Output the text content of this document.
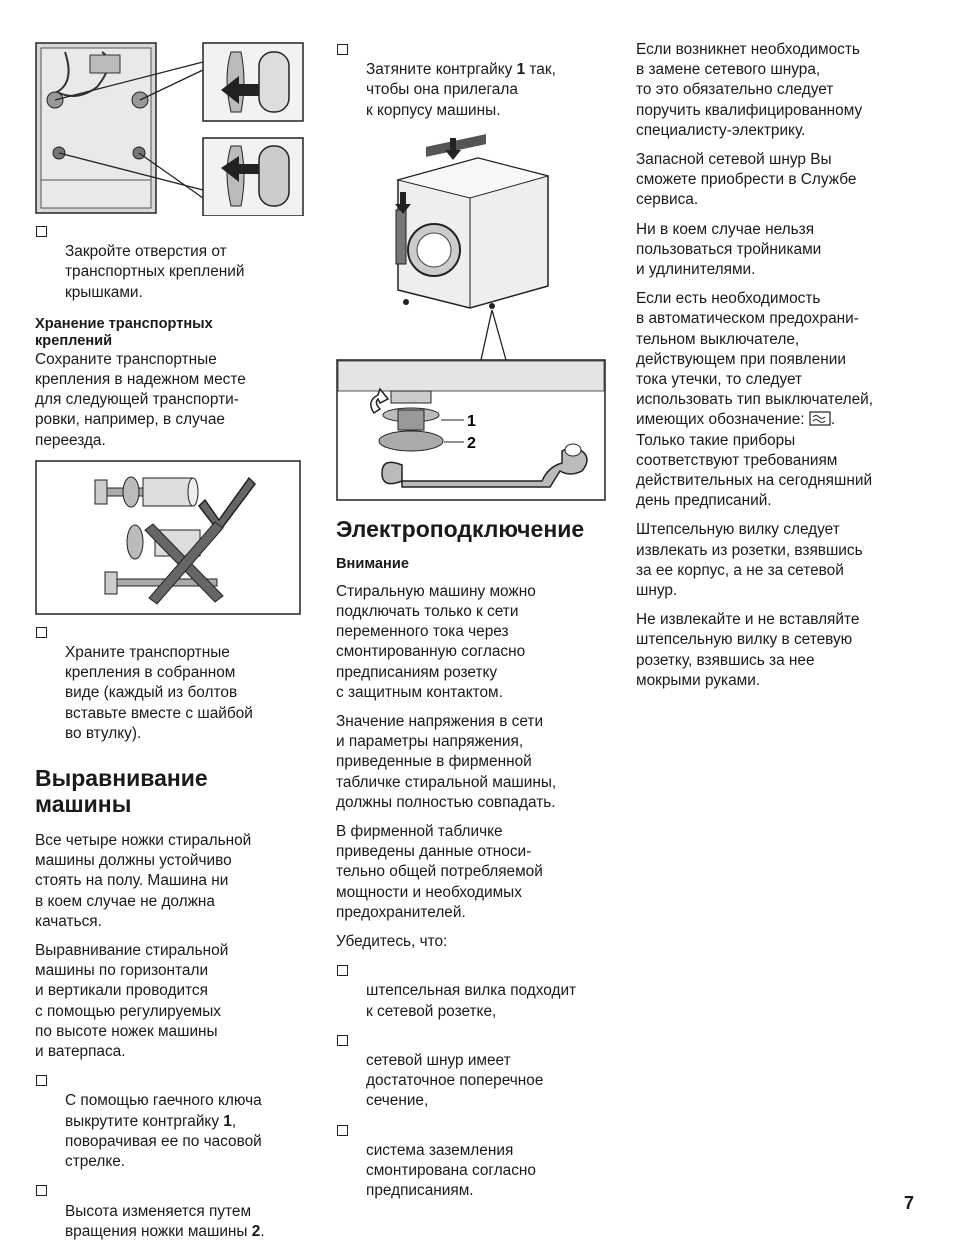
Закройте отверстия от
транспортных креплений
крышками.

Хранение транспортных
креплений

Сохраните транспортные
крепления в надежном месте
для следующей транспорти-
ровки, например, в случае
переезда.

Храните транспортные
крепления в собранном
виде (каждый из болтов
вставьте вместе с шайбой
во втулку).

Выравнивание
машины

Все четыре ножки стиральной
машины должны устойчиво
стоять на полу. Машина ни
в коем случае не должна
качаться.

Выравнивание стиральной
машины по горизонтали
и вертикали проводится
с помощью регулируемых
по высоте ножек машины
и ватерпаса.

С помощью гаечного ключа
выкрутите контргайку 1,
поворачивая ее по часовой
стрелке.

Высота изменяется путем
вращения ножки машины 2.

Затяните контргайку 1 так,
чтобы она прилегала
к корпусу машины.

1
2
Электроподключение
Внимание

Стиральную машину можно
подключать только к сети
переменного тока через
смонтированную согласно
предписаниям розетку
с защитным контактом.

Значение напряжения в сети
и параметры напряжения,
приведенные в фирменной
табличке стиральной машины,
должны полностью совпадать.

В фирменной табличке
приведены данные относи-
тельно общей потребляемой
мощности и необходимых
предохранителей.

Убедитесь, что:

штепсельная вилка подходит
к сетевой розетке,

сетевой шнур имеет
достаточное поперечное
сечение,

система заземления
смонтирована согласно
предписаниям.

Если возникнет необходимость
в замене сетевого шнура,
то это обязательно следует
поручить квалифицированному
специалисту-электрику.

Запасной сетевой шнур Вы
сможете приобрести в Службе
сервиса.

Ни в коем случае нельзя
пользоваться тройниками
и удлинителями.

Если есть необходимость
в автоматическом предохрани-
тельном выключателе,
действующем при появлении
тока утечки, то следует
использовать тип выключателей,
имеющих обозначение: .
Только такие приборы
соответствуют требованиям
действительных на сегодняшний
день предписаний.

Штепсельную вилку следует
извлекать из розетки, взявшись
за ее корпус, а не за сетевой
шнур.

Не извлекайте и не вставляйте
штепсельную вилку в сетевую
розетку, взявшись за нее
мокрыми руками.

7
